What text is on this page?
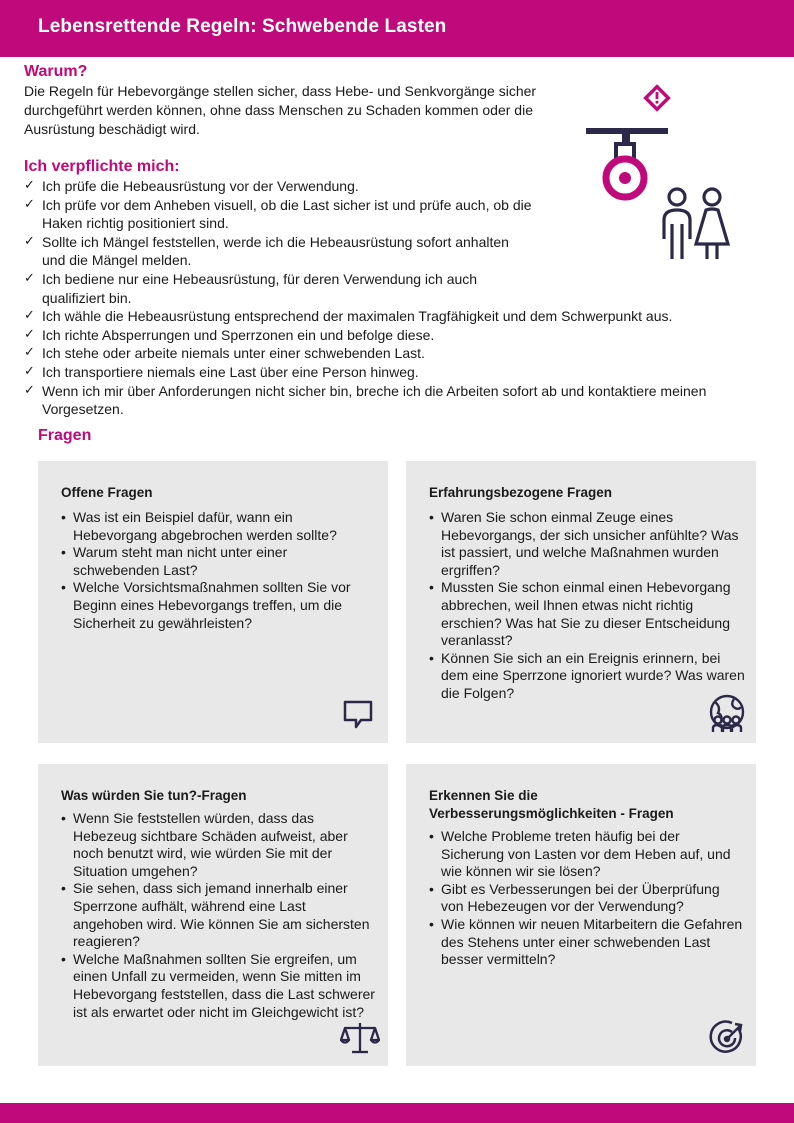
Lebensrettende Regeln: Schwebende Lasten
Warum?

Die Regeln für Hebevorgänge stellen sicher, dass Hebe- und Senkvorgänge sicher durchgeführt werden können, ohne dass Menschen zu Schaden kommen oder die Ausrüstung beschädigt wird.

Ich verpflichte mich:
✓ Ich prüfe die Hebeausrüstung vor der Verwendung.
✓ Ich prüfe vor dem Anheben visuell, ob die Last sicher ist und prüfe auch, ob die Haken richtig positioniert sind.
✓ Sollte ich Mängel feststellen, werde ich die Hebeausrüstung sofort anhalten und die Mängel melden.
✓ Ich bediene nur eine Hebeausrüstung, für deren Verwendung ich auch qualifiziert bin.
✓ Ich wähle die Hebeausrüstung entsprechend der maximalen Tragfähigkeit und dem Schwerpunkt aus.
✓ Ich richte Absperrungen und Sperrzonen ein und befolge diese.
✓ Ich stehe oder arbeite niemals unter einer schwebenden Last.
✓ Ich transportiere niemals eine Last über eine Person hinweg.
✓ Wenn ich mir über Anforderungen nicht sicher bin, breche ich die Arbeiten sofort ab und kontaktiere meinen Vorgesetzen.
Fragen
Offene Fragen
• Was ist ein Beispiel dafür, wann ein Hebevorgang abgebrochen werden sollte?
• Warum steht man nicht unter einer schwebenden Last?
• Welche Vorsichtsmaßnahmen sollten Sie vor Beginn eines Hebevorgangs treffen, um die Sicherheit zu gewährleisten?
Erfahrungsbezogene Fragen
• Waren Sie schon einmal Zeuge eines Hebevorgangs, der sich unsicher anfühlte? Was ist passiert, und welche Maßnahmen wurden ergriffen?
• Mussten Sie schon einmal einen Hebevorgang abbrechen, weil Ihnen etwas nicht richtig erschien? Was hat Sie zu dieser Entscheidung veranlasst?
• Können Sie sich an ein Ereignis erinnern, bei dem eine Sperrzone ignoriert wurde? Was waren die Folgen?
Was würden Sie tun?-Fragen
• Wenn Sie feststellen würden, dass das Hebezeug sichtbare Schäden aufweist, aber noch benutzt wird, wie würden Sie mit der Situation umgehen?
• Sie sehen, dass sich jemand innerhalb einer Sperrzone aufhält, während eine Last angehoben wird. Wie können Sie am sichersten reagieren?
• Welche Maßnahmen sollten Sie ergreifen, um einen Unfall zu vermeiden, wenn Sie mitten im Hebevorgang feststellen, dass die Last schwerer ist als erwartet oder nicht im Gleichgewicht ist?
Erkennen Sie die Verbesserungsmöglichkeiten - Fragen
• Welche Probleme treten häufig bei der Sicherung von Lasten vor dem Heben auf, und wie können wir sie lösen?
• Gibt es Verbesserungen bei der Überprüfung von Hebezeugen vor der Verwendung?
• Wie können wir neuen Mitarbeitern die Gefahren des Stehens unter einer schwebenden Last besser vermitteln?
